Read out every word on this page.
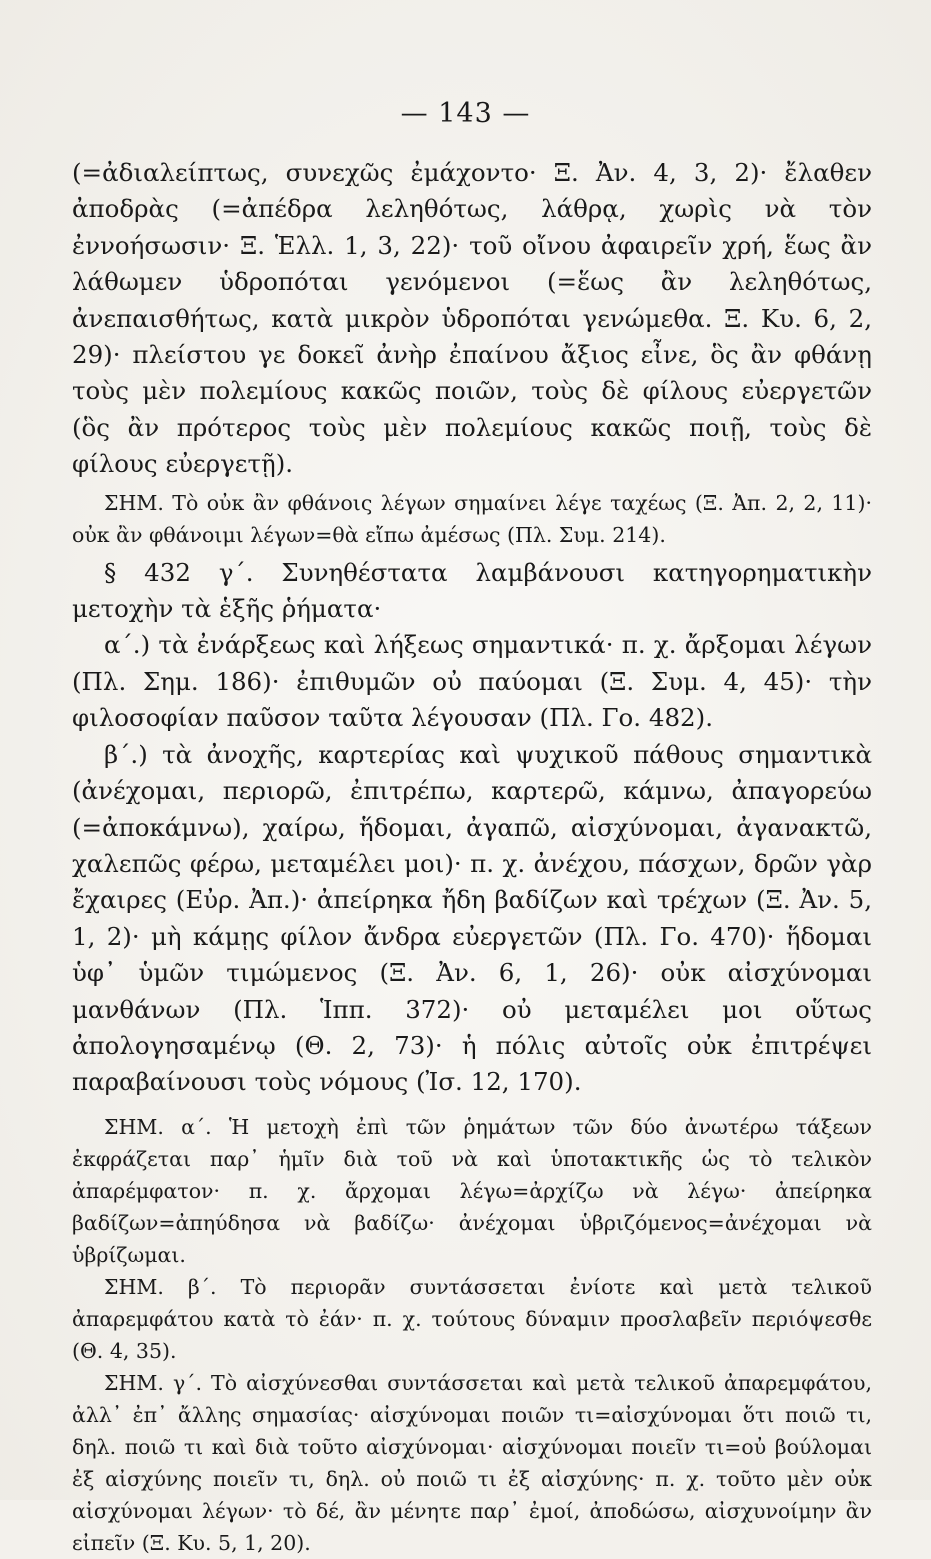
— 143 —

(=ἀδιαλείπτως, συνεχῶς ἐμάχοντο· Ξ. Ἀν. 4, 3, 2)· ἔλαθεν ἀποδρὰς (=ἀπέδρα λεληθότως, λάθρᾳ, χωρὶς νὰ τὸν ἐννοήσωσιν· Ξ. Ἑλλ. 1, 3, 22)· τοῦ οἴνου ἀφαιρεῖν χρή, ἕως ἂν λάθωμεν ὑδροπόται γενόμενοι (=ἕως ἂν λεληθότως, ἀνεπαισθήτως, κατὰ μικρὸν ὑδροπόται γενώμεθα. Ξ. Κυ. 6, 2, 29)· πλείστου γε δοκεῖ ἀνὴρ ἐπαίνου ἄξιος εἶνε, ὃς ἂν φθάνῃ τοὺς μὲν πολεμίους κακῶς ποιῶν, τοὺς δὲ φίλους εὐεργετῶν (ὃς ἂν πρότερος τοὺς μὲν πολεμίους κακῶς ποιῇ, τοὺς δὲ φίλους εὐεργετῇ).

ΣΗΜ. Τὸ οὐκ ἂν φθάνοις λέγων σημαίνει λέγε ταχέως (Ξ. Ἀπ. 2, 2, 11)· οὐκ ἂν φθάνοιμι λέγων=θὰ εἴπω ἀμέσως (Πλ. Συμ. 214).

§ 432 γ΄. Συνηθέστατα λαμβάνουσι κατηγορηματικὴν μετοχὴν τὰ ἑξῆς ῥήματα·

α΄.) τὰ ἐνάρξεως καὶ λήξεως σημαντικά· π. χ. ἄρξομαι λέγων (Πλ. Σημ. 186)· ἐπιθυμῶν οὐ παύομαι (Ξ. Συμ. 4, 45)· τὴν φιλοσοφίαν παῦσον ταῦτα λέγουσαν (Πλ. Γο. 482).

β΄.) τὰ ἀνοχῆς, καρτερίας καὶ ψυχικοῦ πάθους σημαντικὰ (ἀνέχομαι, περιορῶ, ἐπιτρέπω, καρτερῶ, κάμνω, ἀπαγορεύω (=ἀποκάμνω), χαίρω, ἥδομαι, ἀγαπῶ, αἰσχύνομαι, ἀγανακτῶ, χαλεπῶς φέρω, μεταμέλει μοι)· π. χ. ἀνέχου, πάσχων, δρῶν γὰρ ἔχαιρες (Εὐρ. Ἀπ.)· ἀπείρηκα ἤδη βαδίζων καὶ τρέχων (Ξ. Ἀν. 5, 1, 2)· μὴ κάμῃς φίλον ἄνδρα εὐεργετῶν (Πλ. Γο. 470)· ἥδομαι ὑφ᾽ ὑμῶν τιμώμενος (Ξ. Ἀν. 6, 1, 26)· οὐκ αἰσχύνομαι μανθάνων (Πλ. Ἱππ. 372)· οὐ μεταμέλει μοι οὕτως ἀπολογησαμένῳ (Θ. 2, 73)· ἡ πόλις αὐτοῖς οὐκ ἐπιτρέψει παραβαίνουσι τοὺς νόμους (Ἰσ. 12, 170).

ΣΗΜ. α΄. Ἡ μετοχὴ ἐπὶ τῶν ῥημάτων τῶν δύο ἀνωτέρω τάξεων ἐκφράζεται παρ᾽ ἡμῖν διὰ τοῦ νὰ καὶ ὑποτακτικῆς ὡς τὸ τελικὸν ἀπαρέμφατον· π. χ. ἄρχομαι λέγω=ἀρχίζω νὰ λέγω· ἀπείρηκα βαδίζων=ἀπηύδησα νὰ βαδίζω· ἀνέχομαι ὑβριζόμενος=ἀνέχομαι νὰ ὑβρίζωμαι.

ΣΗΜ. β΄. Τὸ περιορᾶν συντάσσεται ἐνίοτε καὶ μετὰ τελικοῦ ἀπαρεμφάτου κατὰ τὸ ἐάν· π. χ. τούτους δύναμιν προσλαβεῖν περιόψεσθε (Θ. 4, 35).

ΣΗΜ. γ΄. Τὸ αἰσχύνεσθαι συντάσσεται καὶ μετὰ τελικοῦ ἀπαρεμφάτου, ἀλλ᾽ ἐπ᾽ ἄλλης σημασίας· αἰσχύνομαι ποιῶν τι=αἰσχύνομαι ὅτι ποιῶ τι, δηλ. ποιῶ τι καὶ διὰ τοῦτο αἰσχύνομαι· αἰσχύνομαι ποιεῖν τι=οὐ βούλομαι ἐξ αἰσχύνης ποιεῖν τι, δηλ. οὐ ποιῶ τι ἐξ αἰσχύνης· π. χ. τοῦτο μὲν οὐκ αἰσχύνομαι λέγων· τὸ δέ, ἂν μένητε παρ᾽ ἐμοί, ἀποδώσω, αἰσχυνοίμην ἂν εἰπεῖν (Ξ. Κυ. 5, 1, 20).
